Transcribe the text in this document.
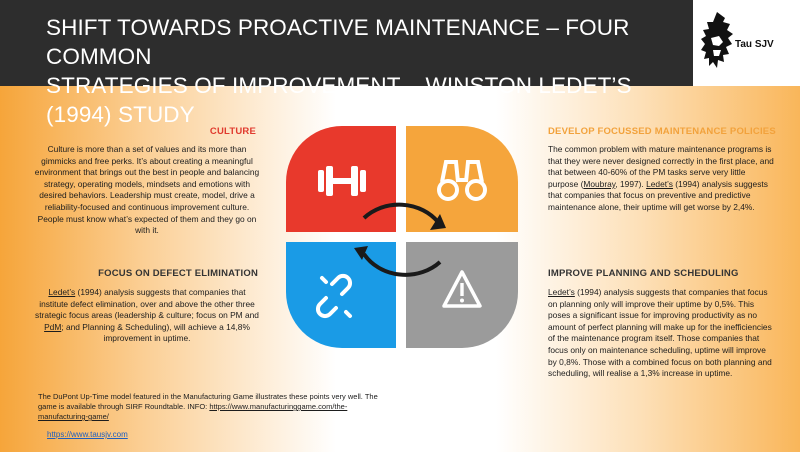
SHIFT TOWARDS PROACTIVE MAINTENANCE – FOUR COMMON
STRATEGIES OF IMPROVEMENT – WINSTON LEDET’S (1994) STUDY
Tau SJV
CULTURE
Culture is more than a set of values and its more than gimmicks and free perks. It’s about creating a meaningful environment that brings out the best in people and balancing strategy, operating models, mindsets and emotions with desired behaviors. Leadership must create, model, drive a reliability-focused and continuous improvement culture. People must know what’s expected of them and they go on with it.
FOCUS ON DEFECT ELIMINATION
Ledet’s (1994) analysis suggests that companies that institute defect elimination, over and above the other three strategic focus areas (leadership & culture; focus on PM and PdM; and Planning & Scheduling), will achieve a 14,8% improvement in uptime.
DEVELOP FOCUSSED MAINTENANCE POLICIES
The common problem with mature maintenance programs is that they were never designed correctly in the first place, and that between 40-60% of the PM tasks serve very little purpose (Moubray, 1997). Ledet’s (1994) analysis suggests that companies that focus on preventive and predictive maintenance alone, their uptime will get worse by 2,4%.
IMPROVE PLANNING AND SCHEDULING
Ledet’s (1994) analysis suggests that companies that focus on planning only will improve their uptime by 0,5%. This poses a significant issue for improving productivity as no amount of perfect planning will make up for the inefficiencies of the maintenance program itself. Those companies that focus only on maintenance scheduling, uptime will improve by 0,8%. Those with a combined focus on both planning and scheduling, will realise a 1,3% increase in uptime.
The DuPont Up-Time model featured in the Manufacturing Game illustrates these points very well. The game is available through SIRF Roundtable. INFO: https://www.manufacturinggame.com/the-manufacturing-game/
https://www.tausjv.com
